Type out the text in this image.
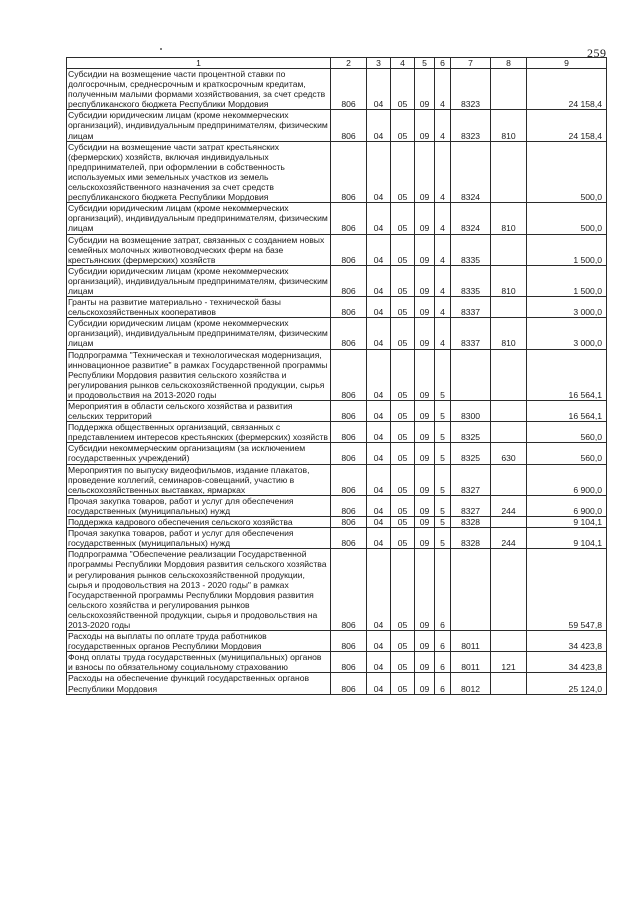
259
1	2	3	4	5	6	7	8	9
Субсидии на возмещение части процентной ставки по долгосрочным, среднесрочным и краткосрочным кредитам, полученным малыми формами хозяйствования, за счет средств республиканского бюджета Республики Мордовия	806	04	05	09	4	8323		24 158,4
Субсидии юридическим лицам (кроме некоммерческих организаций), индивидуальным предпринимателям, физическим лицам	806	04	05	09	4	8323	810	24 158,4
Субсидии на возмещение части затрат крестьянских (фермерских) хозяйств, включая индивидуальных предпринимателей, при оформлении в собственность используемых ими земельных участков из земель сельскохозяйственного назначения за счет средств республиканского бюджета Республики Мордовия	806	04	05	09	4	8324		500,0
Субсидии юридическим лицам (кроме некоммерческих организаций), индивидуальным предпринимателям, физическим лицам	806	04	05	09	4	8324	810	500,0
Субсидии на возмещение затрат, связанных с созданием новых семейных молочных животноводческих ферм на базе крестьянских (фермерских) хозяйств	806	04	05	09	4	8335		1 500,0
Субсидии юридическим лицам (кроме некоммерческих организаций), индивидуальным предпринимателям, физическим лицам	806	04	05	09	4	8335	810	1 500,0
Гранты на развитие материально - технической базы сельскохозяйственных кооперативов	806	04	05	09	4	8337		3 000,0
Субсидии юридическим лицам (кроме некоммерческих организаций), индивидуальным предпринимателям, физическим лицам	806	04	05	09	4	8337	810	3 000,0
Подпрограмма "Техническая и технологическая модернизация, инновационное развитие" в рамках Государственной программы Республики Мордовия развития сельского хозяйства и регулирования рынков сельскохозяйственной продукции, сырья и продовольствия на 2013-2020 годы	806	04	05	09	5			16 564,1
Мероприятия в области сельского хозяйства и развития сельских территорий	806	04	05	09	5	8300		16 564,1
Поддержка общественных организаций, связанных с представлением интересов крестьянских (фермерских) хозяйств	806	04	05	09	5	8325		560,0
Субсидии некоммерческим организациям (за исключением государственных учреждений)	806	04	05	09	5	8325	630	560,0
Мероприятия по выпуску видеофильмов, издание плакатов, проведение коллегий, семинаров-совещаний, участию в сельскохозяйственных выставках, ярмарках	806	04	05	09	5	8327		6 900,0
Прочая закупка товаров, работ и услуг для обеспечения государственных (муниципальных) нужд	806	04	05	09	5	8327	244	6 900,0
Поддержка кадрового обеспечения сельского хозяйства	806	04	05	09	5	8328		9 104,1
Прочая закупка товаров, работ и услуг для обеспечения государственных (муниципальных) нужд	806	04	05	09	5	8328	244	9 104,1
Подпрограмма "Обеспечение реализации Государственной программы Республики Мордовия развития сельского хозяйства и регулирования рынков сельскохозяйственной продукции, сырья и продовольствия на 2013 - 2020 годы" в рамках Государственной программы Республики Мордовия развития сельского хозяйства и регулирования рынков сельскохозяйственной продукции, сырья и продовольствия на 2013-2020 годы	806	04	05	09	6			59 547,8
Расходы на выплаты по оплате труда работников государственных органов Республики Мордовия	806	04	05	09	6	8011		34 423,8
Фонд оплаты труда государственных (муниципальных) органов и взносы по обязательному социальному страхованию	806	04	05	09	6	8011	121	34 423,8
Расходы на обеспечение функций государственных органов Республики Мордовия	806	04	05	09	6	8012		25 124,0
